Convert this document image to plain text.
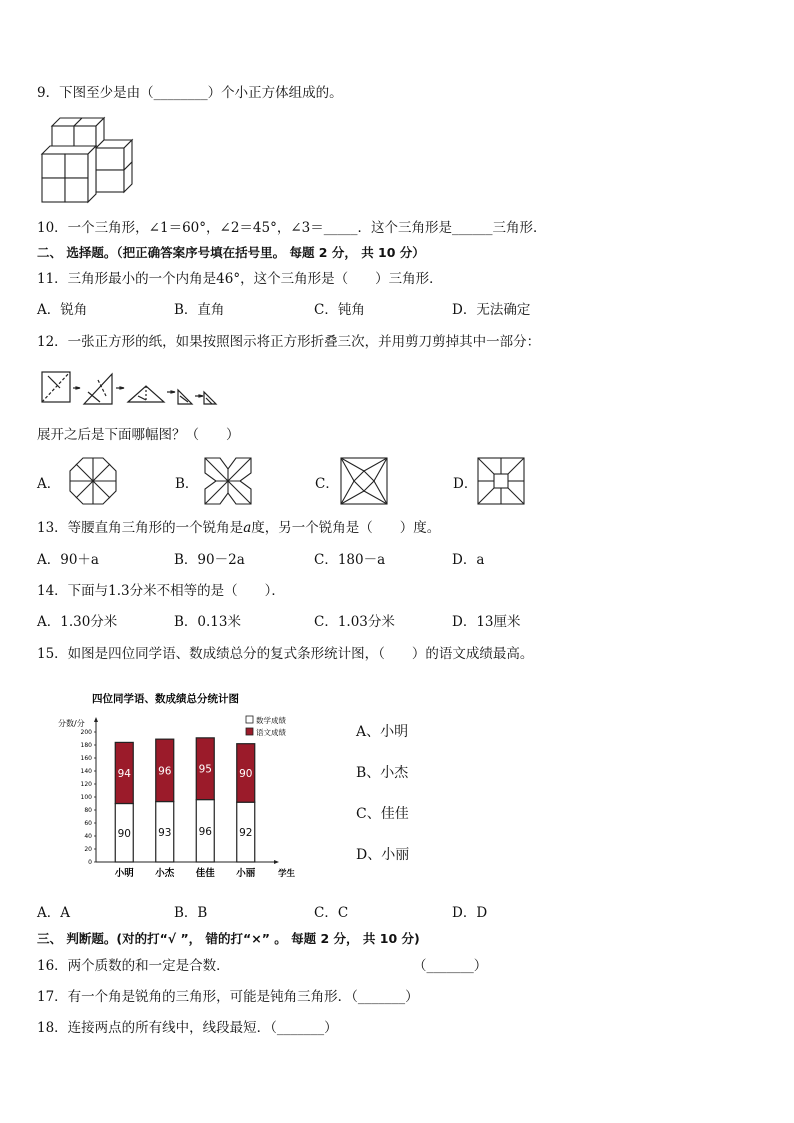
9．下图至少是由（________）个小正方体组成的。
10．一个三角形，∠1＝60°，∠2＝45°，∠3＝_____．这个三角形是______三角形．
二、 选择题。（把正确答案序号填在括号里。 每题 2 分， 共 10 分）
11．三角形最小的一个内角是46°，这个三角形是（　　）三角形．
A．锐角	B．直角	C．钝角	D．无法确定
12．一张正方形的纸，如果按照图示将正方形折叠三次，并用剪刀剪掉其中一部分：
展开之后是下面哪幅图？（　　）
A．	B．	C．	D．
13．等腰直角三角形的一个锐角是a度，另一个锐角是（　　）度。
A．90＋a	B．90－2a	C．180－a	D．a
14．下面与1.3分米不相等的是（　　）．
A．1.30分米	B．0.13米	C．1.03分米	D．13厘米
15．如图是四位同学语、数成绩总分的复式条形统计图，（　　）的语文成绩最高。
四位同学语、数成绩总分统计图
分数/分
0
20
40
60
80
100
120
140
160
180
200
数学成绩
语文成绩
90
94
小明
93
96
小杰
96
95
佳佳
92
90
小丽	学生
A、小明
B、小杰
C、佳佳
D、小丽
A．A	B．B	C．C	D．D
三、 判断题。(对的打“√ ”， 错的打“×” 。 每题 2 分， 共 10 分)
16．两个质数的和一定是合数．	（_______）
17．有一个角是锐角的三角形，可能是钝角三角形．（_______）
18．连接两点的所有线中，线段最短．（_______）
